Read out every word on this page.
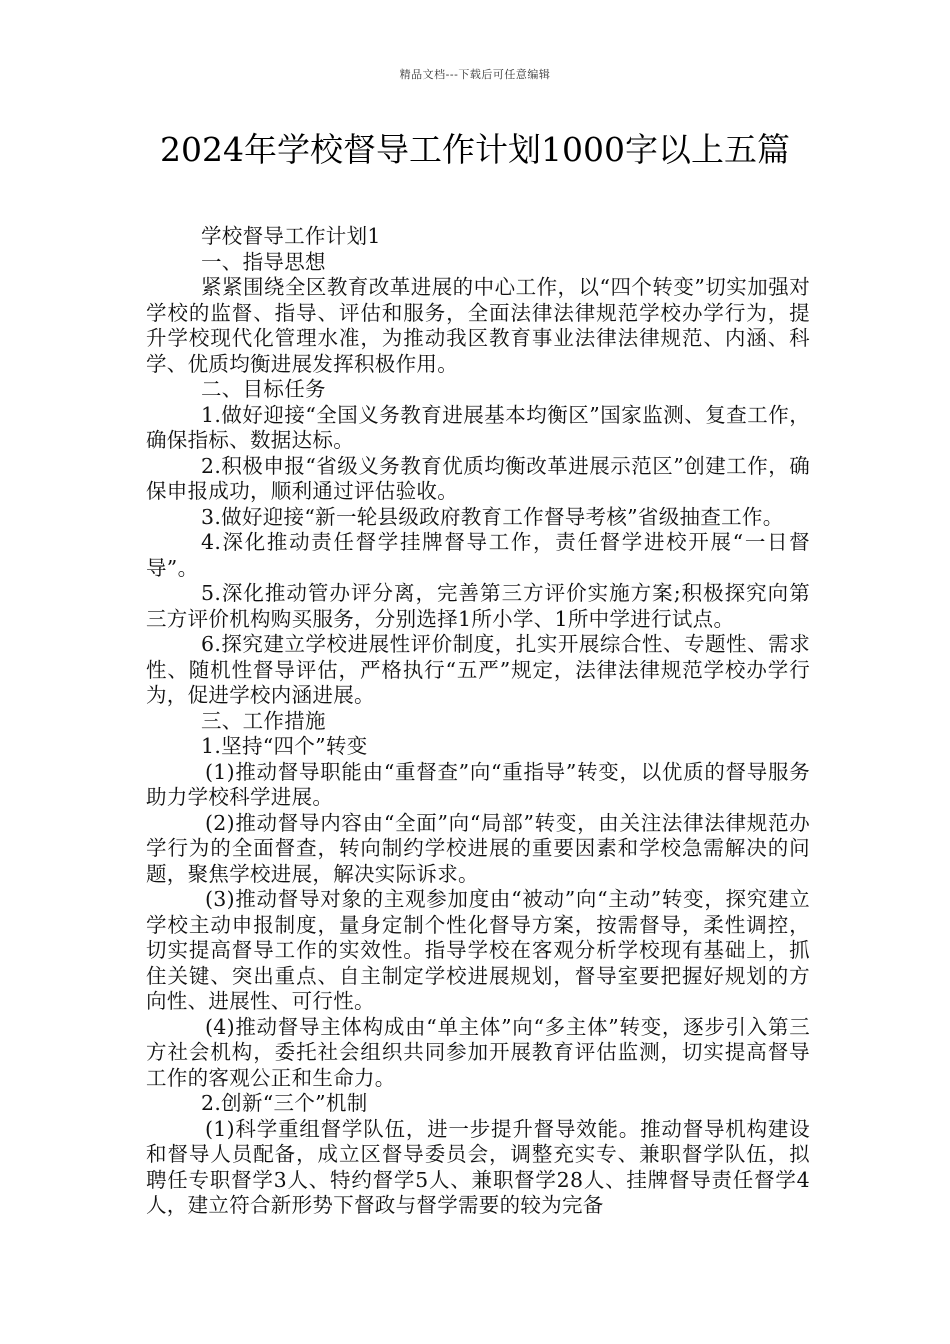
精品文档---下载后可任意编辑
2024年学校督导工作计划1000字以上五篇

学校督导工作计划1

一、指导思想

紧紧围绕全区教育改革进展的中心工作，以“四个转变”切实加强对学校的监督、指导、评估和服务，全面法律法律规范学校办学行为，提升学校现代化管理水准，为推动我区教育事业法律法律规范、内涵、科学、优质均衡进展发挥积极作用。

二、目标任务

1.做好迎接“全国义务教育进展基本均衡区”国家监测、复查工作，确保指标、数据达标。

2.积极申报“省级义务教育优质均衡改革进展示范区”创建工作，确保申报成功，顺利通过评估验收。

3.做好迎接“新一轮县级政府教育工作督导考核”省级抽查工作。

4.深化推动责任督学挂牌督导工作，责任督学进校开展“一日督导”。

5.深化推动管办评分离，完善第三方评价实施方案;积极探究向第三方评价机构购买服务，分别选择1所小学、1所中学进行试点。

6.探究建立学校进展性评价制度，扎实开展综合性、专题性、需求性、随机性督导评估，严格执行“五严”规定，法律法律规范学校办学行为，促进学校内涵进展。

三、工作措施

1.坚持“四个”转变

(1)推动督导职能由“重督查”向“重指导”转变，以优质的督导服务助力学校科学进展。

(2)推动督导内容由“全面”向“局部”转变，由关注法律法律规范办学行为的全面督查，转向制约学校进展的重要因素和学校急需解决的问题，聚焦学校进展，解决实际诉求。

(3)推动督导对象的主观参加度由“被动”向“主动”转变，探究建立学校主动申报制度，量身定制个性化督导方案，按需督导，柔性调控，切实提高督导工作的实效性。指导学校在客观分析学校现有基础上，抓住关键、突出重点、自主制定学校进展规划，督导室要把握好规划的方向性、进展性、可行性。

(4)推动督导主体构成由“单主体”向“多主体”转变，逐步引入第三方社会机构，委托社会组织共同参加开展教育评估监测，切实提高督导工作的客观公正和生命力。

2.创新“三个”机制

(1)科学重组督学队伍，进一步提升督导效能。推动督导机构建设和督导人员配备，成立区督导委员会，调整充实专、兼职督学队伍，拟聘任专职督学3人、特约督学5人、兼职督学28人、挂牌督导责任督学4人，建立符合新形势下督政与督学需要的较为完备
